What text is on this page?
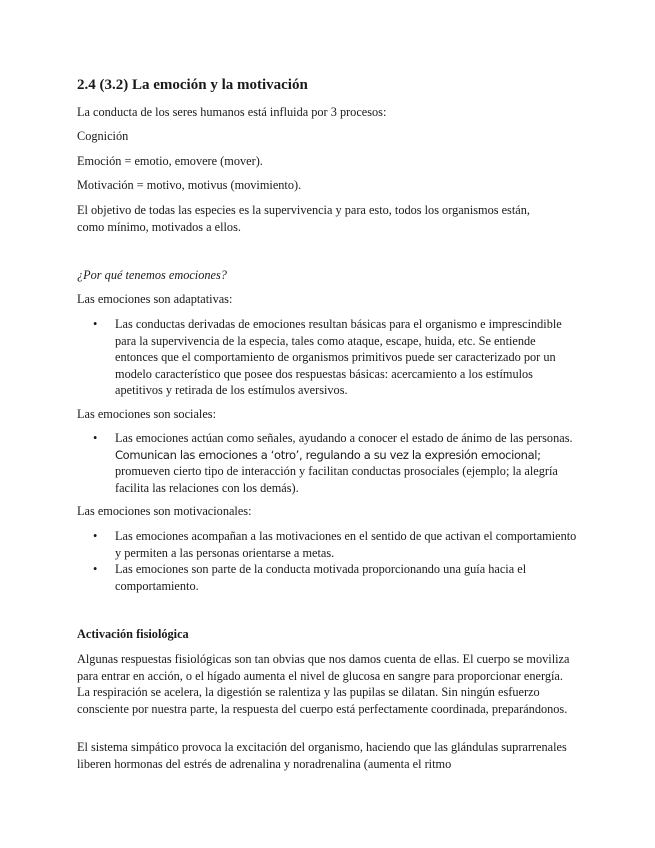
2.4 (3.2) La emoción y la motivación

La conducta de los seres humanos está influida por 3 procesos:

Cognición

Emoción = emotio, emovere (mover).

Motivación = motivo, motivus (movimiento).

El objetivo de todas las especies es la supervivencia y para esto, todos los organismos están, como mínimo, motivados a ellos.

¿Por qué tenemos emociones?

Las emociones son adaptativas:

• Las conductas derivadas de emociones resultan básicas para el organismo e imprescindible para la supervivencia de la especia, tales como ataque, escape, huida, etc. Se entiende entonces que el comportamiento de organismos primitivos puede ser caracterizado por un modelo característico que posee dos respuestas básicas: acercamiento a los estímulos apetitivos y retirada de los estímulos aversivos.

Las emociones son sociales:

• Las emociones actúan como señales, ayudando a conocer el estado de ánimo de las personas. Comunican las emociones a ‘otro’, regulando a su vez la expresión emocional; promueven cierto tipo de interacción y facilitan conductas prosociales (ejemplo; la alegría facilita las relaciones con los demás).

Las emociones son motivacionales:

• Las emociones acompañan a las motivaciones en el sentido de que activan el comportamiento y permiten a las personas orientarse a metas.
• Las emociones son parte de la conducta motivada proporcionando una guía hacia el comportamiento.

Activación fisiológica

Algunas respuestas fisiológicas son tan obvias que nos damos cuenta de ellas. El cuerpo se moviliza para entrar en acción, o el hígado aumenta el nivel de glucosa en sangre para proporcionar energía. La respiración se acelera, la digestión se ralentiza y las pupilas se dilatan. Sin ningún esfuerzo consciente por nuestra parte, la respuesta del cuerpo está perfectamente coordinada, preparándonos.

El sistema simpático provoca la excitación del organismo, haciendo que las glándulas suprarrenales liberen hormonas del estrés de adrenalina y noradrenalina (aumenta el ritmo
